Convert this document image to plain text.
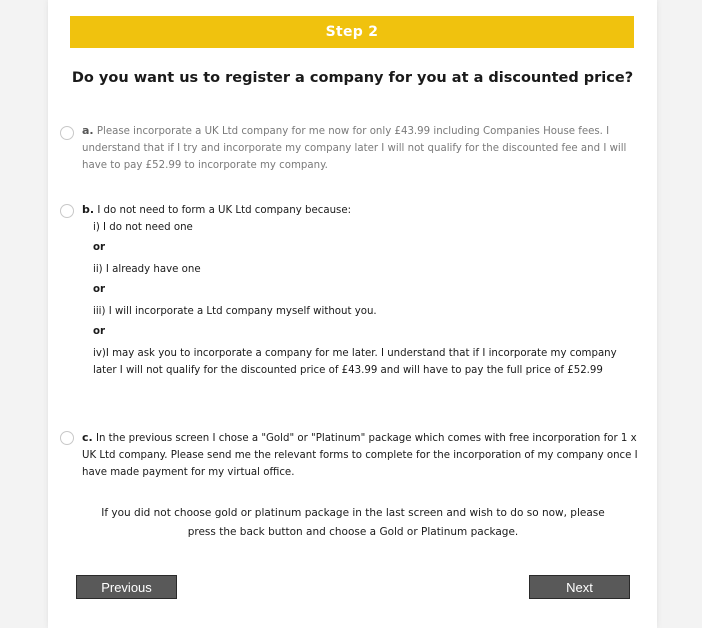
Step 2
Do you want us to register a company for you at a discounted price?
a. Please incorporate a UK Ltd company for me now for only £43.99 including Companies House fees. I understand that if I try and incorporate my company later I will not qualify for the discounted fee and I will have to pay £52.99 to incorporate my company.
b. I do not need to form a UK Ltd company because:
i) I do not need one
or
ii) I already have one
or
iii) I will incorporate a Ltd company myself without you.
or
iv)I may ask you to incorporate a company for me later. I understand that if I incorporate my company later I will not qualify for the discounted price of £43.99 and will have to pay the full price of £52.99
c. In the previous screen I chose a "Gold" or "Platinum" package which comes with free incorporation for 1 x UK Ltd company. Please send me the relevant forms to complete for the incorporation of my company once I have made payment for my virtual office.
If you did not choose gold or platinum package in the last screen and wish to do so now, please press the back button and choose a Gold or Platinum package.
Previous	Next
